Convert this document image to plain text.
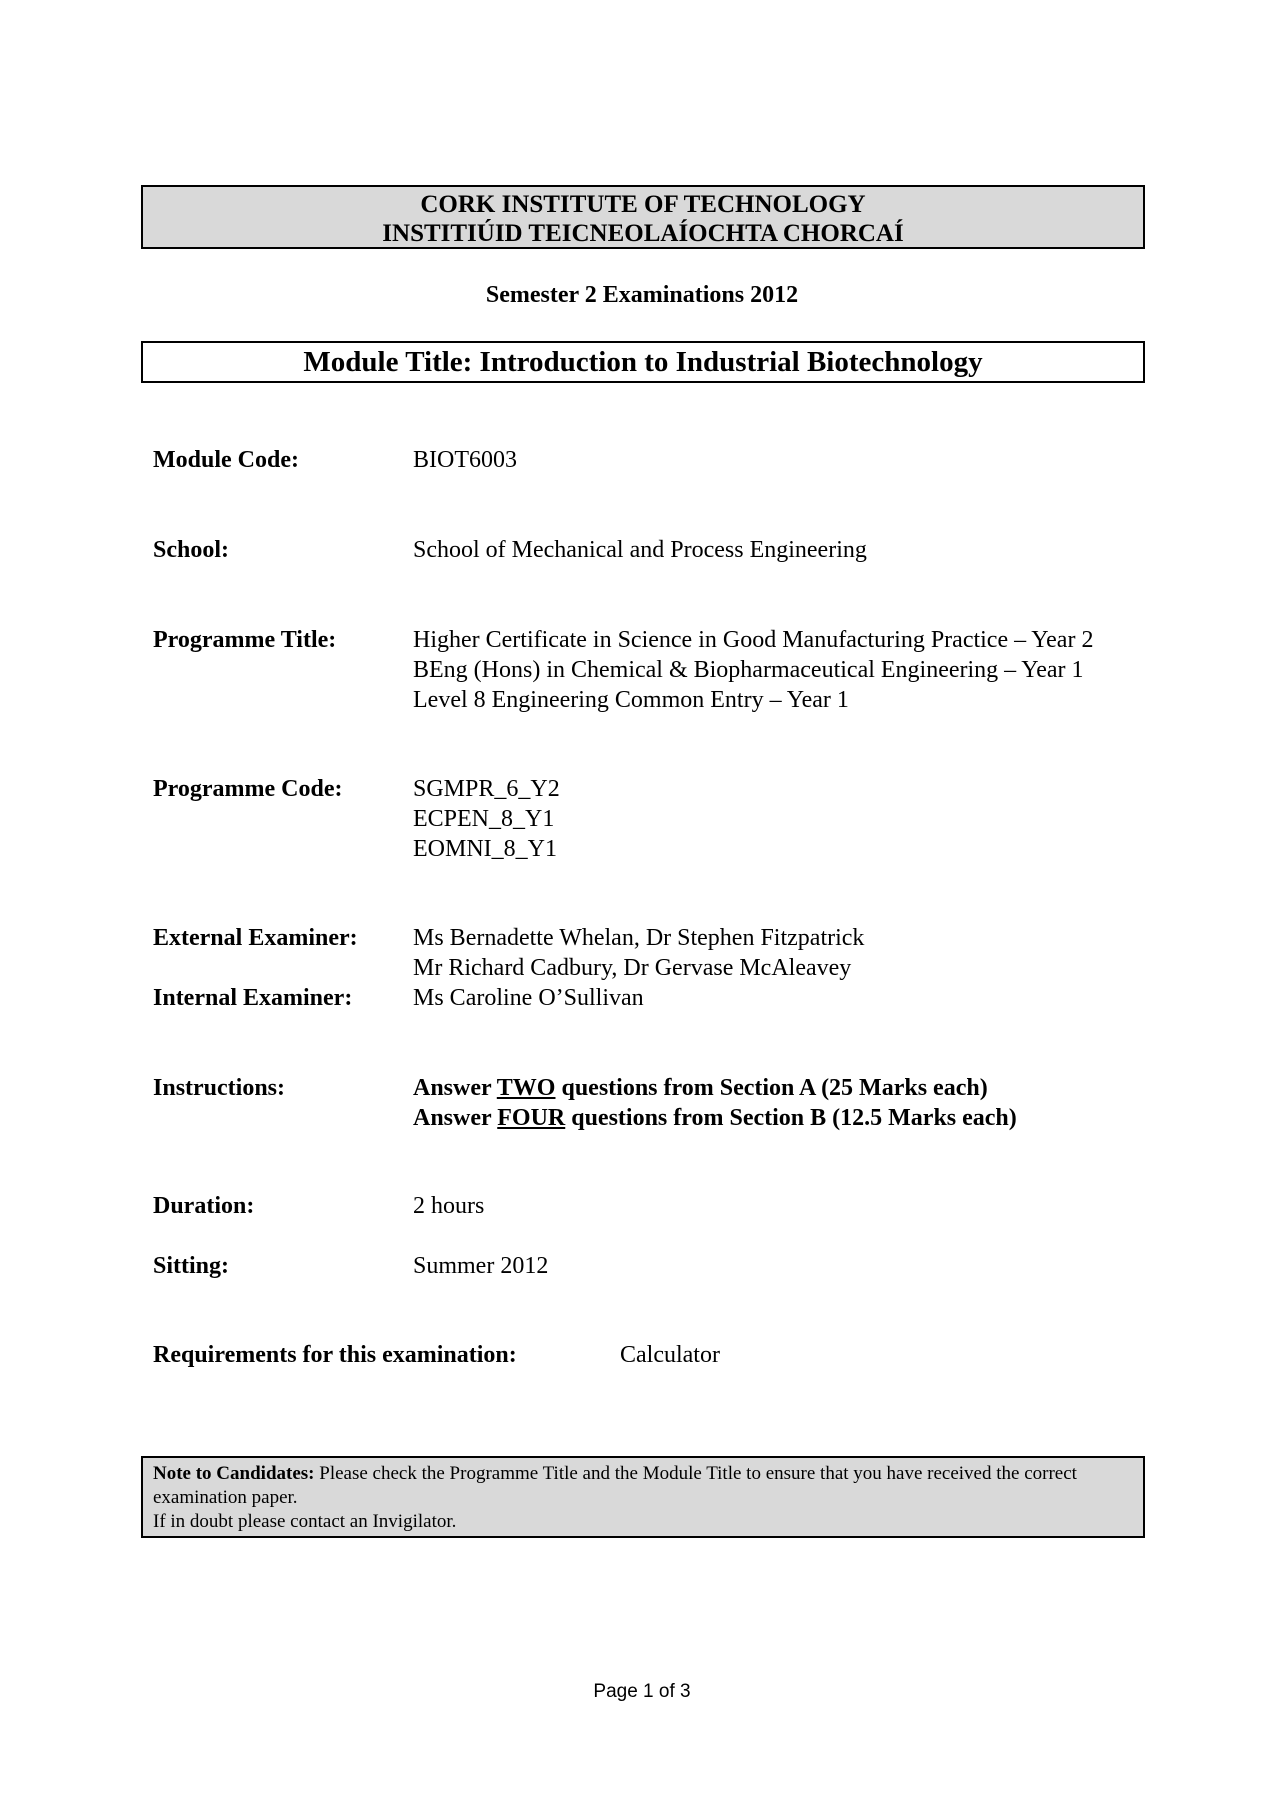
CORK INSTITUTE OF TECHNOLOGY
INSTITIÚID TEICNEOLAÍOCHTA CHORCAÍ
Semester 2 Examinations 2012
Module Title: Introduction to Industrial Biotechnology
Module Code:	BIOT6003
School:	School of Mechanical and Process Engineering
Programme Title:	Higher Certificate in Science in Good Manufacturing Practice – Year 2
BEng (Hons) in Chemical & Biopharmaceutical Engineering – Year 1
Level 8 Engineering Common Entry – Year 1
Programme Code:	SGMPR_6_Y2
ECPEN_8_Y1
EOMNI_8_Y1
External Examiner: Ms Bernadette Whelan, Dr Stephen Fitzpatrick
Mr Richard Cadbury, Dr Gervase McAleavey
Internal Examiner:	Ms Caroline O’Sullivan
Instructions:	Answer TWO questions from Section A (25 Marks each)
Answer FOUR questions from Section B (12.5 Marks each)
Duration:	2 hours
Sitting:	Summer 2012
Requirements for this examination:	Calculator
Note to Candidates: Please check the Programme Title and the Module Title to ensure that you have received the correct examination paper.
If in doubt please contact an Invigilator.
Page 1 of 3
